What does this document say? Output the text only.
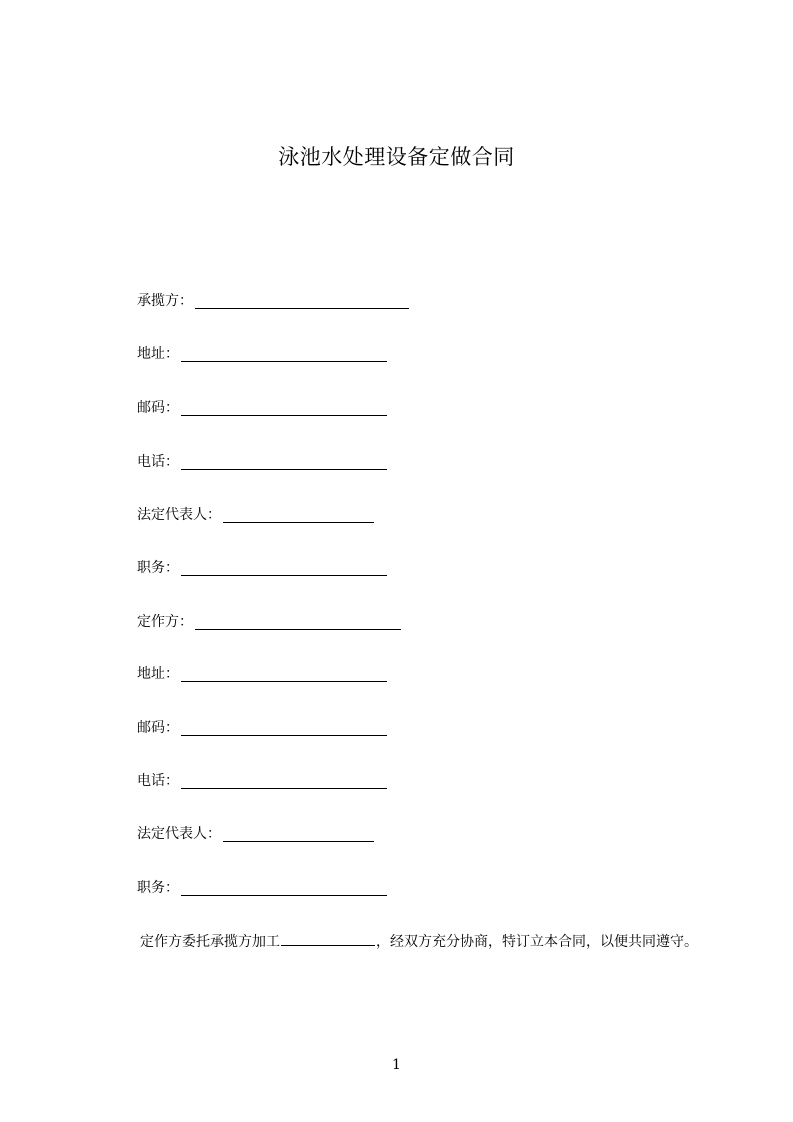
泳池水处理设备定做合同
承揽方：
地址：
邮码：
电话：
法定代表人：
职务：
定作方：
地址：
邮码：
电话：
法定代表人：
职务：
定作方委托承揽方加工	，经双方充分协商，特订立本合同，以便共同遵守。
1
